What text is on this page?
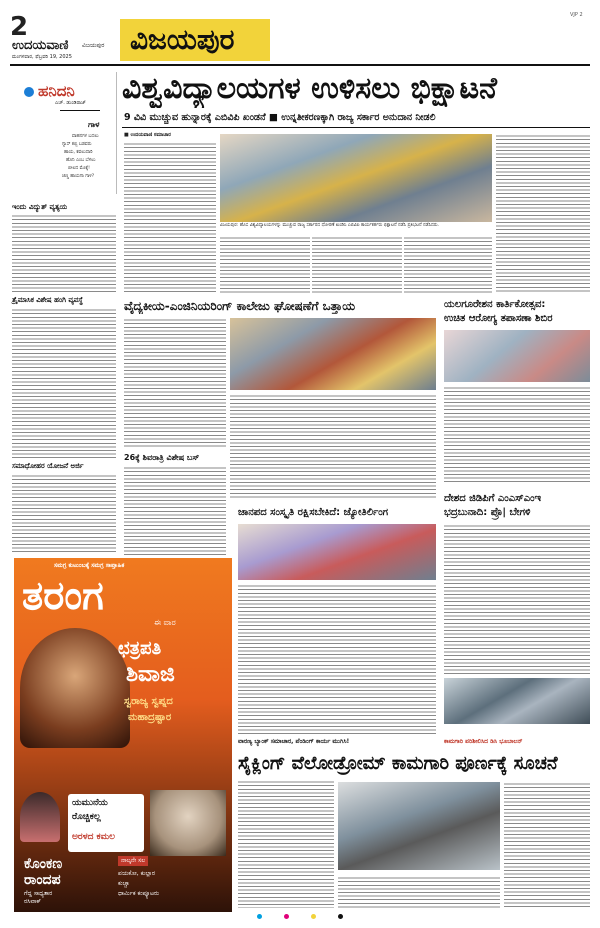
2
ಉದಯವಾಣಿ ವಿಜಯಪುರ
ಮಂಗಳವಾರ, ಫೆಬ್ರವರಿ 19, 2025
ವಿಜಯಪುರ
VJP 2
ಹನಿದನಿ
ಎಚ್. ಡುಂಡಿರಾಜ್
ಗಾಳ
ವಾಹನಗಳ ಬದಲು
ಗ್ಯಾಸ್ ಕಬ್ಬಿ ಬಡವರು
ಹಾಯ, ಕವಲುದಾರಿ
ಹೊನಿ ಎಂಬ ಬೆಳಲು
ಬೀಲದ ಮೊಕ್ಕೆ!
ಚಿಣ್ಣ ಹಾಯಗಾ ಗಾಳ?
ಇಂದು ವಿದ್ಯುತ್ ವ್ಯತ್ಯಯ
ತ್ರೈಮಾಸಿಕ ವಿಶೇಷ ಹಂಗಿ ವ್ಯವಸ್ಥೆ
ಸಮಾಧೋಹರ ಯೋಜನೆ ಅರ್ಜಿ
ವಿಶ್ವವಿದ್ಯಾಲಯಗಳ ಉಳಿಸಲು ಭಿಕ್ಷಾಟನೆ
9 ವಿವಿ ಮುಚ್ಚುವ ಹುನ್ನಾರಕ್ಕೆ ಎಬಿವಿಪಿ ಖಂಡನೆ ■ ಉನ್ನತೀಕರಣಕ್ಕಾಗಿ ರಾಜ್ಯ ಸರ್ಕಾರ ಅನುದಾನ ನೀಡಲಿ
■ ಉದಯವಾಣಿ ಸಮಾಚಾರ
ವಿಜಯಪುರ: ಹೊಸ ವಿಶ್ವವಿದ್ಯಾಲಯಗಳನ್ನು ಮುಚ್ಚುವ ರಾಜ್ಯ ಸರ್ಕಾರದ ಧೋರಣೆ ಖಂಡಿಸಿ ಎಬಿವಿಪಿ ಕಾರ್ಯಕರ್ತರು ಭಿಕ್ಷಾಟನೆ ನಡೆಸಿ ಪ್ರತಿಭಟನೆ ನಡೆಸಿದರು.
ವೈದ್ಯಕೀಯ-ಎಂಜಿನಿಯರಿಂಗ್ ಕಾಲೇಜು ಘೋಷಣೆಗೆ ಒತ್ತಾಯ	ಯಲಗೂರೇಶನ ಕಾರ್ತಿಕೋತ್ಸವ:
ಉಚಿತ ಆರೋಗ್ಯ ತಪಾಸಣಾ ಶಿಬಿರ
26ಕ್ಕೆ ಶಿವರಾತ್ರಿ ವಿಶೇಷ ಬಸ್
ಜಾನಪದ ಸಂಸ್ಕೃತಿ ರಕ್ಷಿಸಬೇಕಿದೆ: ಜ್ಯೋತಿರ್ಲಿಂಗ
ದೇಶದ ಜಿಡಿಪಿಗೆ ಎಂಎಸ್‌ಎಂಇ
ಭದ್ರಬುನಾದಿ: ಪ್ರೊ| ಬೇಗಳಿ
ವಾರಣ್ಯ ಬ್ಯಾಂಕ್ ಸಮಾಚಾರ, ಪೆಂಡಿಂಗ್ ಕಾರ್ಯ ಮುಗಿಸಿ!	ಕಾಮಗಾರಿ ಪರಿಶೀಲಿಸಿದ ಡಿಸಿ ಭೂಬಾಲನ್
ಸೈಕ್ಲಿಂಗ್ ವೆಲೋಡ್ರೋಮ್ ಕಾಮಗಾರಿ ಪೂರ್ಣಕ್ಕೆ ಸೂಚನೆ
ಸಮಗ್ರ ಕುಟುಂಬಕ್ಕೆ ಸಮಗ್ರ ಸಾಪ್ತಾಹಿಕ
ತರಂಗ
ಈ ವಾರ
ಛತ್ರಪತಿ
ಶಿವಾಜಿ
ಸ್ವರಾಜ್ಯ ಸ್ವಪ್ನದ
ಮಹಾದ್ರಷ್ಟಾರ
ಯಮುನೆಯ
ರೊಚ್ಚಿಕಲ್ಲ
ಅರಳದ ಕಮಲ
ಕೊಂಕಣ
ರಾಂದಪ
ಗೆದ್ದ ಸಾಧ್ಯತಾರ
ರಸಿವಾಕ್
ನಾಲ್ಕನೇ ಸಲ
ಪಯಕೋ, ಕುಲ್ಲಾರ
ಕುಚ್ಚಾ
ಧಾರ್ಮಿಕ ಕಂಪ್ಯೂಟರು
